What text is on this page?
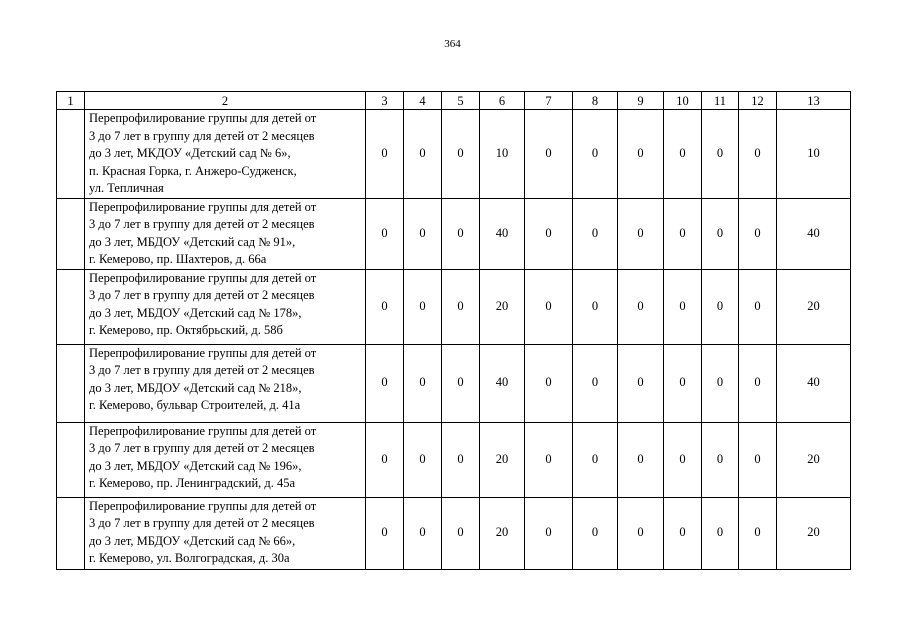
364
1	2	3	4	5	6	7	8	9	10	11	12	13

	Перепрофилирование группы для детей от
3 до 7 лет в группу для детей от 2 месяцев
до 3 лет, МКДОУ «Детский сад № 6»,
п. Красная Горка, г. Анжеро-Судженск,
ул. Тепличная	0	0	0	10	0	0	0	0	0	0	10

	Перепрофилирование группы для детей от
3 до 7 лет в группу для детей от 2 месяцев
до 3 лет, МБДОУ «Детский сад № 91»,
г. Кемерово, пр. Шахтеров, д. 66а	0	0	0	40	0	0	0	0	0	0	40

	Перепрофилирование группы для детей от
3 до 7 лет в группу для детей от 2 месяцев
до 3 лет, МБДОУ «Детский сад № 178»,
г. Кемерово, пр. Октябрьский, д. 58б	0	0	0	20	0	0	0	0	0	0	20

	Перепрофилирование группы для детей от
3 до 7 лет в группу для детей от 2 месяцев
до 3 лет, МБДОУ «Детский сад № 218»,
г. Кемерово, бульвар Строителей, д. 41а	0	0	0	40	0	0	0	0	0	0	40

	Перепрофилирование группы для детей от
3 до 7 лет в группу для детей от 2 месяцев
до 3 лет, МБДОУ «Детский сад № 196»,
г. Кемерово, пр. Ленинградский, д. 45а	0	0	0	20	0	0	0	0	0	0	20

	Перепрофилирование группы для детей от
3 до 7 лет в группу для детей от 2 месяцев
до 3 лет, МБДОУ «Детский сад № 66»,
г. Кемерово, ул. Волгоградская, д. 30а	0	0	0	20	0	0	0	0	0	0	20
